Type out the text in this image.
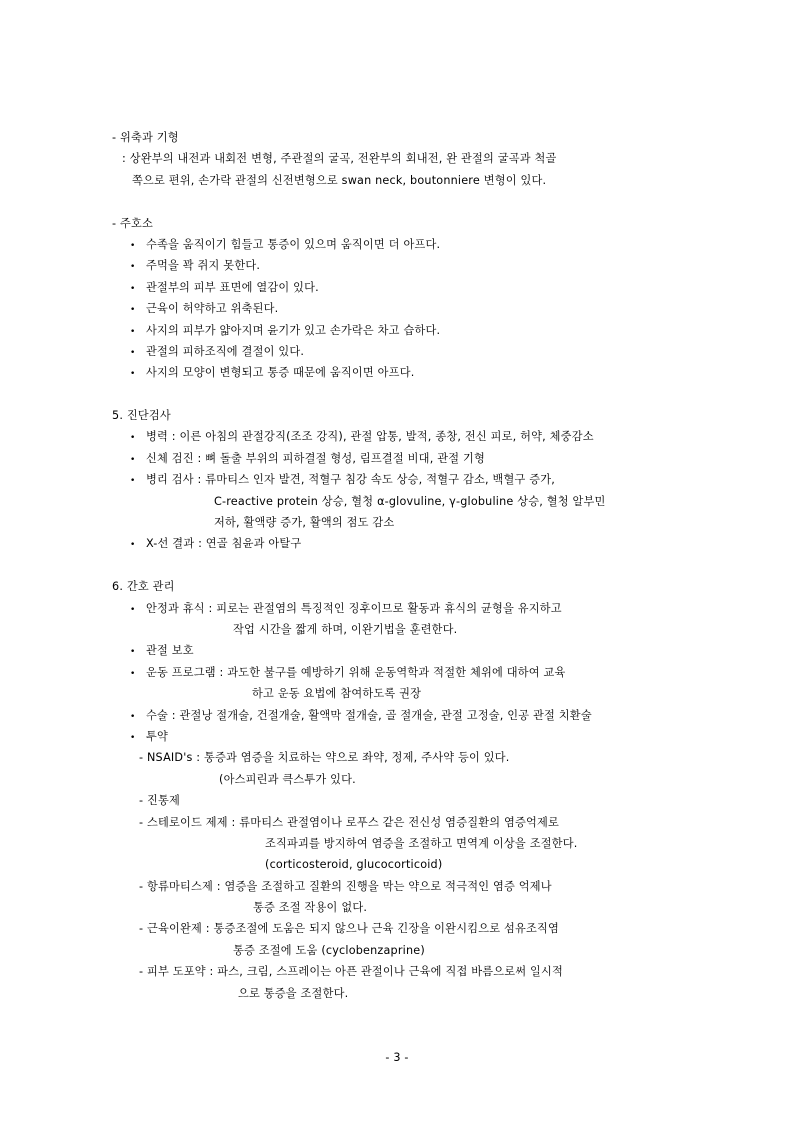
- 위축과 기형
: 상완부의 내전과 내회전 변형, 주관절의 굴곡, 전완부의 회내전, 완 관절의 굴곡과 척골
쪽으로 편위, 손가락 관절의 신전변형으로 swan neck, boutonniere 변형이 있다.
- 주호소
• 수족을 움직이기 힘들고 통증이 있으며 움직이면 더 아프다.
• 주먹을 꽉 쥐지 못한다.
• 관절부의 피부 표면에 열감이 있다.
• 근육이 허약하고 위축된다.
• 사지의 피부가 얇아지며 윤기가 있고 손가락은 차고 습하다.
• 관절의 피하조직에 결절이 있다.
• 사지의 모양이 변형되고 통증 때문에 움직이면 아프다.
5. 진단검사
• 병력 : 이른 아침의 관절강직(조조 강직), 관절 압통, 발적, 종창, 전신 피로, 허약, 체중감소
• 신체 검진 : 뼈 돌출 부위의 피하결절 형성, 림프결절 비대, 관절 기형
• 병리 검사 : 류마티스 인자 발견, 적혈구 침강 속도 상승, 적혈구 감소, 백혈구 증가,
C-reactive protein 상승, 혈청 α-glovuline, γ-globuline 상승, 혈청 알부민
저하, 활액량 증가, 활액의 점도 감소
• X-선 결과 : 연골 침윤과 아탈구
6. 간호 관리
• 안정과 휴식 : 피로는 관절염의 특징적인 징후이므로 활동과 휴식의 균형을 유지하고
작업 시간을 짧게 하며, 이완기법을 훈련한다.
• 관절 보호
• 운동 프로그램 : 과도한 불구를 예방하기 위해 운동역학과 적절한 체위에 대하여 교육
하고 운동 요법에 참여하도록 권장
• 수술 : 관절낭 절개술, 건절개술, 활액막 절개술, 골 절개술, 관절 고정술, 인공 관절 치환술
• 투약
- NSAID's : 통증과 염증을 치료하는 약으로 좌약, 정제, 주사약 등이 있다.
(아스피린과 큭스투가 있다.
- 진통제
- 스테로이드 제제 : 류마티스 관절염이나 로푸스 같은 전신성 염증질환의 염증억제로
조직파괴를 방지하여 염증을 조절하고 면역계 이상을 조절한다.
(corticosteroid, glucocorticoid)
- 항류마티스제 : 염증을 조절하고 질환의 진행을 막는 약으로 적극적인 염증 억제나
통증 조절 작용이 없다.
- 근육이완제 : 통증조절에 도움은 되지 않으나 근육 긴장을 이완시킴으로 섬유조직염
통증 조절에 도움 (cyclobenzaprine)
- 피부 도포약 : 파스, 크림, 스프레이는 아픈 관절이나 근육에 직접 바름으로써 일시적
으로 통증을 조절한다.
- 3 -
